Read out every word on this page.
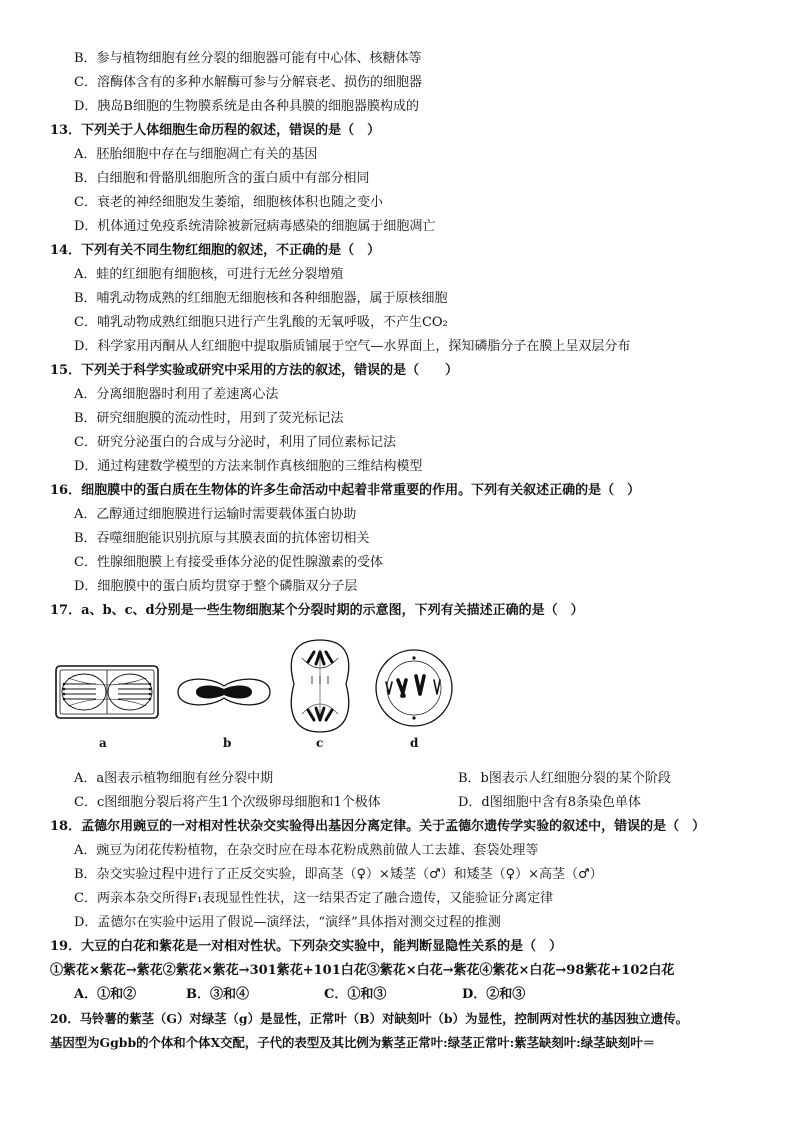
B．参与植物细胞有丝分裂的细胞器可能有中心体、核糖体等
C．溶酶体含有的多种水解酶可参与分解衰老、损伤的细胞器
D．胰岛B细胞的生物膜系统是由各种具膜的细胞器膜构成的
13．下列关于人体细胞生命历程的叙述，错误的是（　）
A．胚胎细胞中存在与细胞凋亡有关的基因
B．白细胞和骨骼肌细胞所含的蛋白质中有部分相同
C．衰老的神经细胞发生萎缩，细胞核体积也随之变小
D．机体通过免疫系统清除被新冠病毒感染的细胞属于细胞凋亡
14．下列有关不同生物红细胞的叙述，不正确的是（　）
A．蛙的红细胞有细胞核，可进行无丝分裂增殖
B．哺乳动物成熟的红细胞无细胞核和各种细胞器，属于原核细胞
C．哺乳动物成熟红细胞只进行产生乳酸的无氧呼吸，不产生CO₂
D．科学家用丙酮从人红细胞中提取脂质铺展于空气—水界面上，探知磷脂分子在膜上呈双层分布
15．下列关于科学实验或研究中采用的方法的叙述，错误的是（　　）
A．分离细胞器时利用了差速离心法
B．研究细胞膜的流动性时，用到了荧光标记法
C．研究分泌蛋白的合成与分泌时，利用了同位素标记法
D．通过构建数学模型的方法来制作真核细胞的三维结构模型
16．细胞膜中的蛋白质在生物体的许多生命活动中起着非常重要的作用。下列有关叙述正确的是（　）
A．乙醇通过细胞膜进行运输时需要载体蛋白协助
B．吞噬细胞能识别抗原与其膜表面的抗体密切相关
C．性腺细胞膜上有接受垂体分泌的促性腺激素的受体
D．细胞膜中的蛋白质均贯穿于整个磷脂双分子层
17．a、b、c、d分别是一些生物细胞某个分裂时期的示意图，下列有关描述正确的是（　）
a	b	c	d
A．a图表示植物细胞有丝分裂中期	B．b图表示人红细胞分裂的某个阶段
C．c图细胞分裂后将产生1个次级卵母细胞和1个极体	D．d图细胞中含有8条染色单体
18．孟德尔用豌豆的一对相对性状杂交实验得出基因分离定律。关于孟德尔遗传学实验的叙述中，错误的是（　）
A．豌豆为闭花传粉植物，在杂交时应在母本花粉成熟前做人工去雄、套袋处理等
B．杂交实验过程中进行了正反交实验，即高茎（♀）×矮茎（♂）和矮茎（♀）×高茎（♂）
C．两亲本杂交所得F₁表现显性性状，这一结果否定了融合遗传，又能验证分离定律
D．孟德尔在实验中运用了假说—演绎法，“演绎”具体指对测交过程的推测
19．大豆的白花和紫花是一对相对性状。下列杂交实验中，能判断显隐性关系的是（　）
①紫花×紫花→紫花②紫花×紫花→301紫花+101白花③紫花×白花→紫花④紫花×白花→98紫花+102白花
A．①和②	B．③和④	C．①和③	D．②和③
20．马铃薯的紫茎（G）对绿茎（g）是显性，正常叶（B）对缺刻叶（b）为显性，控制两对性状的基因独立遗传。
基因型为Ggbb的个体和个体X交配，子代的表型及其比例为紫茎正常叶:绿茎正常叶:紫茎缺刻叶:绿茎缺刻叶＝
